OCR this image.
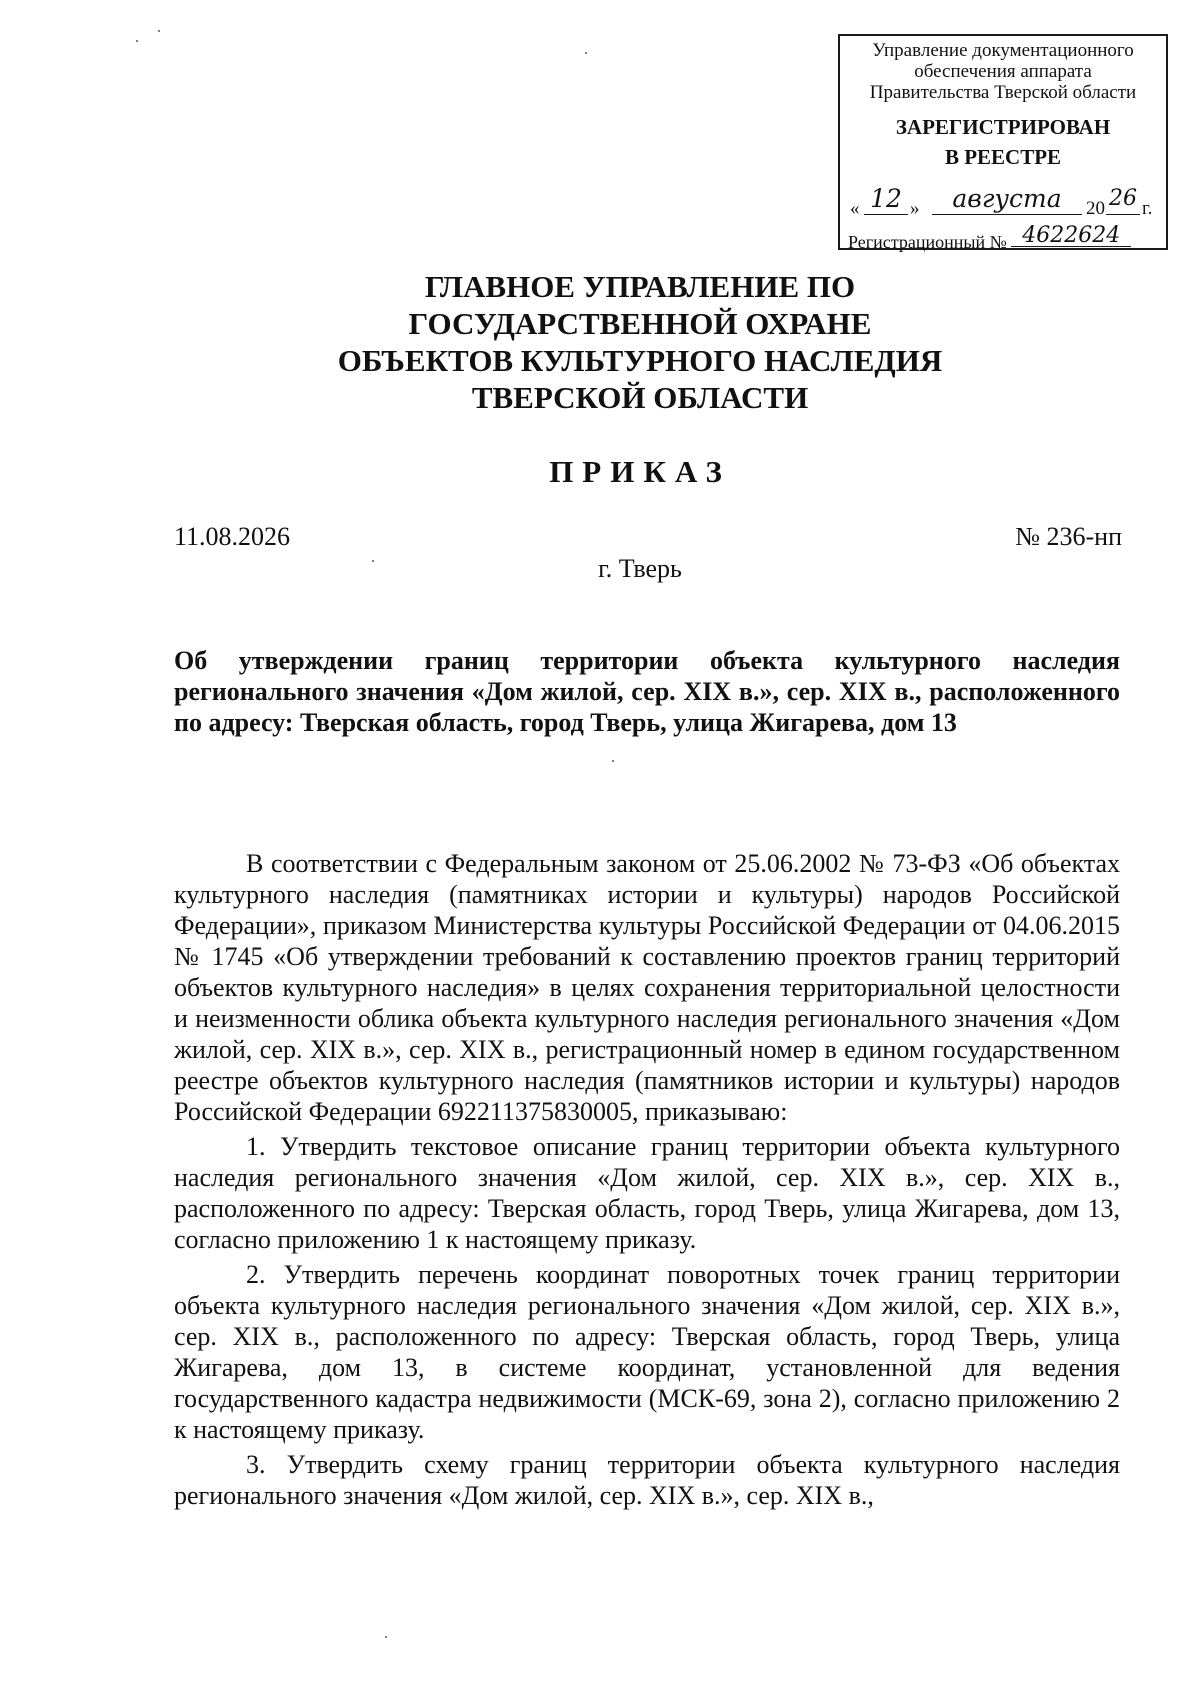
Управление документационного
обеспечения аппарата
Правительства Тверской области
ЗАРЕГИСТРИРОВАН
В РЕЕСТРЕ
« 12 »	августа	20 26 г.
Регистрационный № 4622624
ГЛАВНОЕ УПРАВЛЕНИЕ ПО
ГОСУДАРСТВЕННОЙ ОХРАНЕ
ОБЪЕКТОВ КУЛЬТУРНОГО НАСЛЕДИЯ
ТВЕРСКОЙ ОБЛАСТИ
ПРИКАЗ
11.08.2026	№ 236-нп
г. Тверь
Об утверждении границ территории объекта культурного наследия регионального значения «Дом жилой, сер. XIX в.», сер. XIX в., расположенного по адресу: Тверская область, город Тверь, улица Жигарева, дом 13

В соответствии с Федеральным законом от 25.06.2002 № 73-ФЗ «Об объектах культурного наследия (памятниках истории и культуры) народов Российской Федерации», приказом Министерства культуры Российской Федерации от 04.06.2015 № 1745 «Об утверждении требований к составлению проектов границ территорий объектов культурного наследия» в целях сохранения территориальной целостности и неизменности облика объекта культурного наследия регионального значения «Дом жилой, сер. XIX в.», сер. XIX в., регистрационный номер в едином государственном реестре объектов культурного наследия (памятников истории и культуры) народов Российской Федерации 692211375830005, приказываю:

1. Утвердить текстовое описание границ территории объекта культурного наследия регионального значения «Дом жилой, сер. XIX в.», сер. XIX в., расположенного по адресу: Тверская область, город Тверь, улица Жигарева, дом 13, согласно приложению 1 к настоящему приказу.

2. Утвердить перечень координат поворотных точек границ территории объекта культурного наследия регионального значения «Дом жилой, сер. XIX в.», сер. XIX в., расположенного по адресу: Тверская область, город Тверь, улица Жигарева, дом 13, в системе координат, установленной для ведения государственного кадастра недвижимости (МСК-69, зона 2), согласно приложению 2 к настоящему приказу.

3. Утвердить схему границ территории объекта культурного наследия регионального значения «Дом жилой, сер. XIX в.», сер. XIX в.,
